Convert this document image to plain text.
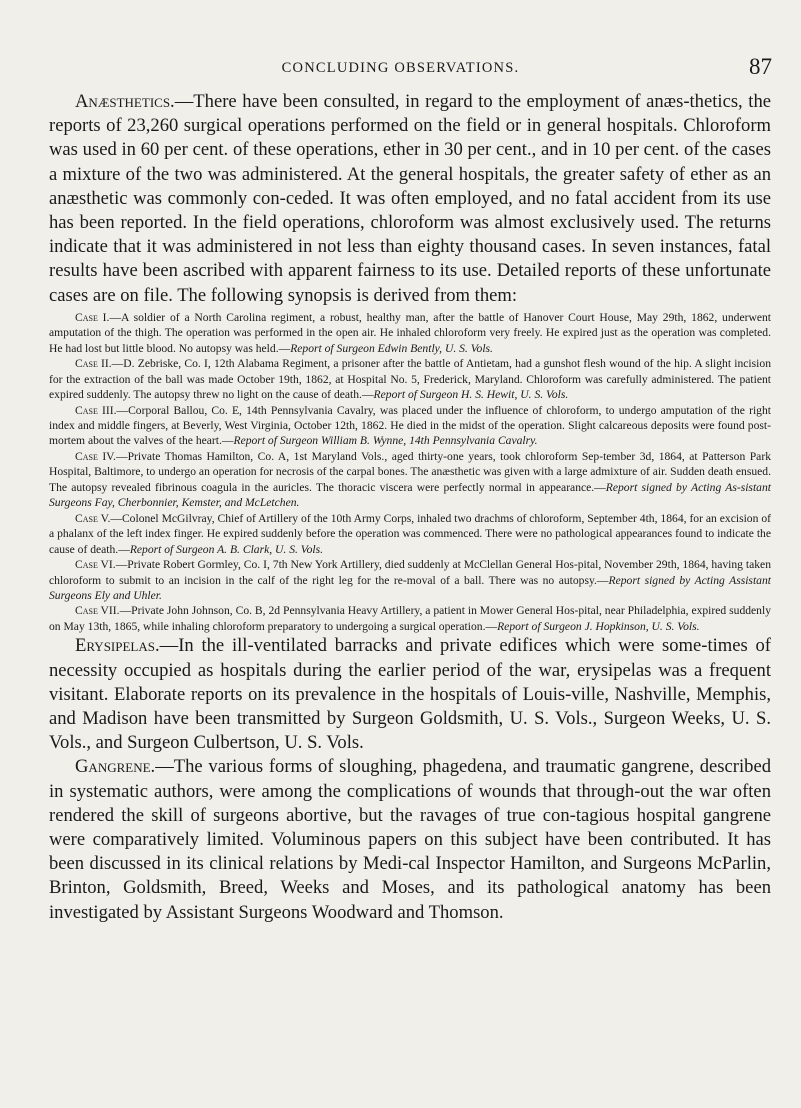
CONCLUDING OBSERVATIONS.	87

Anæsthetics.—There have been consulted, in regard to the employment of anæs-thetics, the reports of 23,260 surgical operations performed on the field or in general hospitals. Chloroform was used in 60 per cent. of these operations, ether in 30 per cent., and in 10 per cent. of the cases a mixture of the two was administered. At the general hospitals, the greater safety of ether as an anæsthetic was commonly con-ceded. It was often employed, and no fatal accident from its use has been reported. In the field operations, chloroform was almost exclusively used. The returns indicate that it was administered in not less than eighty thousand cases. In seven instances, fatal results have been ascribed with apparent fairness to its use. Detailed reports of these unfortunate cases are on file. The following synopsis is derived from them:

Case I.—A soldier of a North Carolina regiment, a robust, healthy man, after the battle of Hanover Court House, May 29th, 1862, underwent amputation of the thigh. The operation was performed in the open air. He inhaled chloroform very freely. He expired just as the operation was completed. He had lost but little blood. No autopsy was held.—Report of Surgeon Edwin Bently, U. S. Vols.

Case II.—D. Zebriske, Co. I, 12th Alabama Regiment, a prisoner after the battle of Antietam, had a gunshot flesh wound of the hip. A slight incision for the extraction of the ball was made October 19th, 1862, at Hospital No. 5, Frederick, Maryland. Chloroform was carefully administered. The patient expired suddenly. The autopsy threw no light on the cause of death.—Report of Surgeon H. S. Hewit, U. S. Vols.

Case III.—Corporal Ballou, Co. E, 14th Pennsylvania Cavalry, was placed under the influence of chloroform, to undergo amputation of the right index and middle fingers, at Beverly, West Virginia, October 12th, 1862. He died in the midst of the operation. Slight calcareous deposits were found post-mortem about the valves of the heart.—Report of Surgeon William B. Wynne, 14th Pennsylvania Cavalry.

Case IV.—Private Thomas Hamilton, Co. A, 1st Maryland Vols., aged thirty-one years, took chloroform Sep-tember 3d, 1864, at Patterson Park Hospital, Baltimore, to undergo an operation for necrosis of the carpal bones. The anæsthetic was given with a large admixture of air. Sudden death ensued. The autopsy revealed fibrinous coagula in the auricles. The thoracic viscera were perfectly normal in appearance.—Report signed by Acting As-sistant Surgeons Fay, Cherbonnier, Kemster, and McLetchen.

Case V.—Colonel McGilvray, Chief of Artillery of the 10th Army Corps, inhaled two drachms of chloroform, September 4th, 1864, for an excision of a phalanx of the left index finger. He expired suddenly before the operation was commenced. There were no pathological appearances found to indicate the cause of death.—Report of Surgeon A. B. Clark, U. S. Vols.

Case VI.—Private Robert Gormley, Co. I, 7th New York Artillery, died suddenly at McClellan General Hos-pital, November 29th, 1864, having taken chloroform to submit to an incision in the calf of the right leg for the re-moval of a ball. There was no autopsy.—Report signed by Acting Assistant Surgeons Ely and Uhler.

Case VII.—Private John Johnson, Co. B, 2d Pennsylvania Heavy Artillery, a patient in Mower General Hos-pital, near Philadelphia, expired suddenly on May 13th, 1865, while inhaling chloroform preparatory to undergoing a surgical operation.—Report of Surgeon J. Hopkinson, U. S. Vols.

Erysipelas.—In the ill-ventilated barracks and private edifices which were some-times of necessity occupied as hospitals during the earlier period of the war, erysipelas was a frequent visitant. Elaborate reports on its prevalence in the hospitals of Louis-ville, Nashville, Memphis, and Madison have been transmitted by Surgeon Goldsmith, U. S. Vols., Surgeon Weeks, U. S. Vols., and Surgeon Culbertson, U. S. Vols.

Gangrene.—The various forms of sloughing, phagedena, and traumatic gangrene, described in systematic authors, were among the complications of wounds that through-out the war often rendered the skill of surgeons abortive, but the ravages of true con-tagious hospital gangrene were comparatively limited. Voluminous papers on this subject have been contributed. It has been discussed in its clinical relations by Medi-cal Inspector Hamilton, and Surgeons McParlin, Brinton, Goldsmith, Breed, Weeks and Moses, and its pathological anatomy has been investigated by Assistant Surgeons Woodward and Thomson.
